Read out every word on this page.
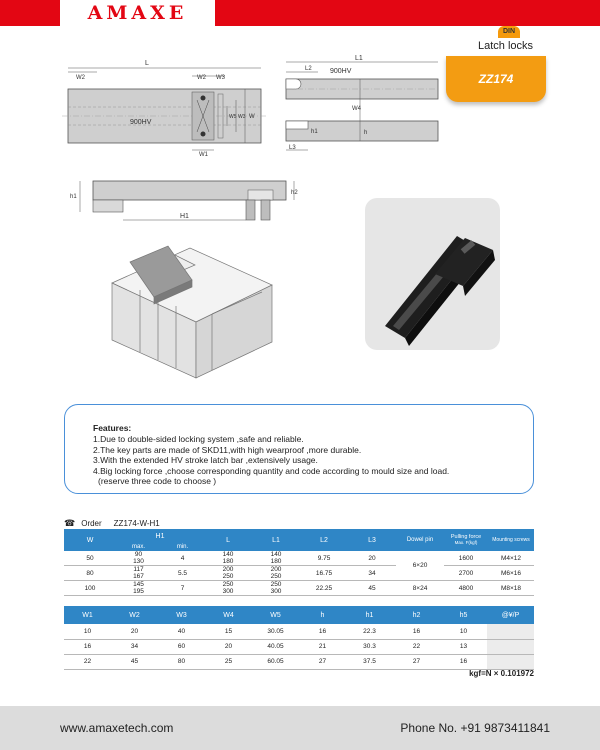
AMAXE
DIN
Latch locks
ZZ174
L
W2	W2 W3
900HV
W1
W
W3
W5
L1
L2	900HV
W4
h
h1
L3
h1
h2
H1
Features:
1.Due to double-sided locking system ,safe and reliable.
2.The key parts are made of SKD11,with high wearproof ,more durable.
3.With the extended HV stroke latch bar ,extensively usage.
4.Big locking force ,choose corresponding quantity and code according to mould size and load.
(reserve three code to choose )
☎ Order ZZ174-W-H1
W	H1		L	L1	L2	L3	Dowel pin	Pulling force
Max. F(kgf)	Mounting screws
	max.	min.							
50	90	4	140	140	9.75	20	6×20	1600	M4×12
	130		180	180					
80	117	5.5	200	200	16.75	34		2700	M6×16
	167		250	250					
100	145	7	250	250	22.25	45	8×24	4800	M8×18
	195		300	300					
W1	W2	W3	W4	W5	h	h1	h2	h5	@¥/P
10	20	40	15	30.05	16	22.3	16	10	
16	34	60	20	40.05	21	30.3	22	13	
22	45	80	25	60.05	27	37.5	27	16	
kgf=N × 0.101972
www.amaxetech.com	Phone No. +91 9873411841
